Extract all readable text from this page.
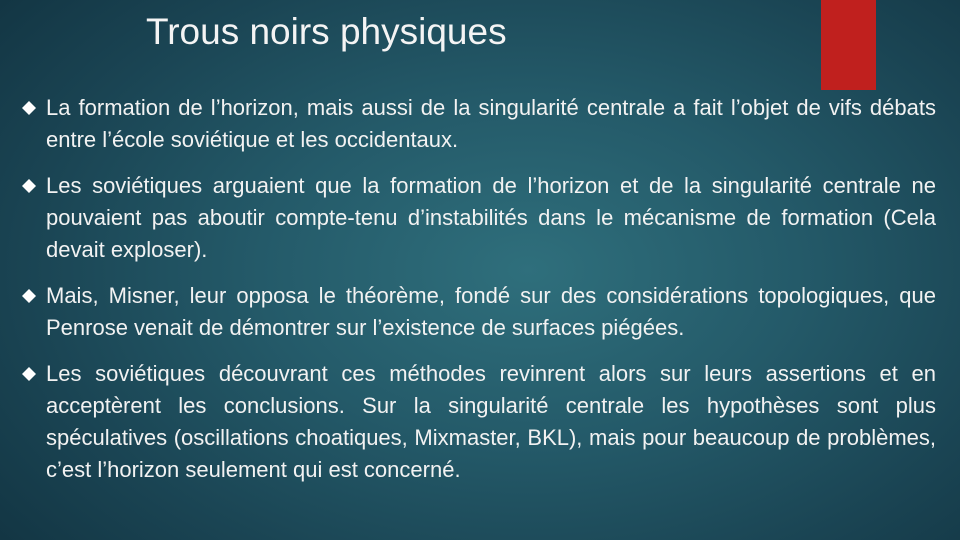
Trous noirs physiques
La formation de l’horizon, mais aussi de la singularité centrale a fait l’objet de vifs débats entre l’école soviétique et les occidentaux.
Les soviétiques arguaient que la formation de l’horizon et de la singularité centrale ne pouvaient pas aboutir compte-tenu d’instabilités dans le mécanisme de formation (Cela devait exploser).
Mais, Misner, leur opposa le théorème, fondé sur des considérations topologiques, que Penrose venait de démontrer sur l’existence de surfaces piégées.
Les soviétiques découvrant ces méthodes revinrent alors sur leurs assertions et en acceptèrent les conclusions. Sur la singularité centrale les hypothèses sont plus spéculatives (oscillations choatiques, Mixmaster, BKL), mais pour beaucoup de problèmes, c’est l’horizon seulement qui est concerné.
